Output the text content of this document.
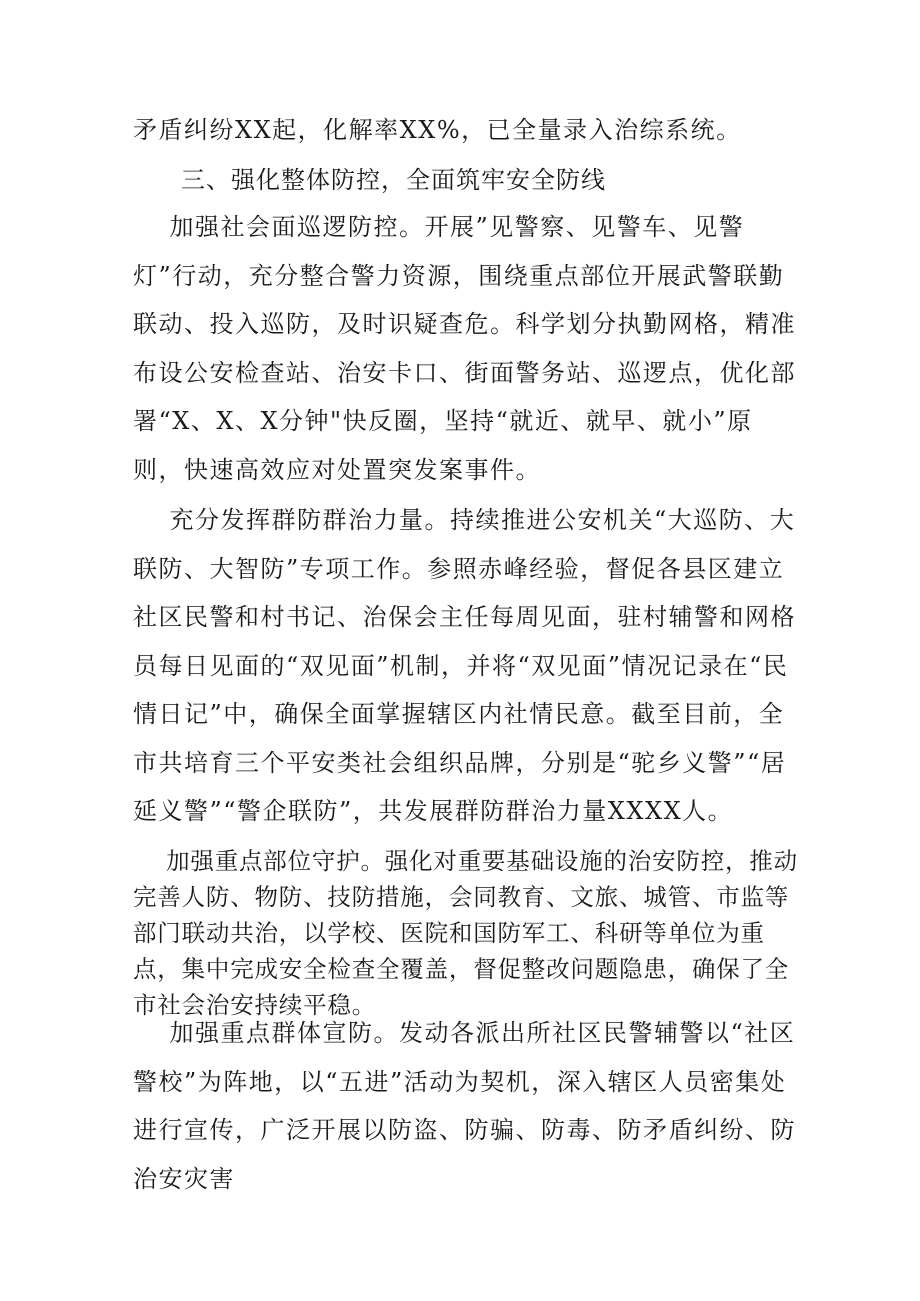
矛盾纠纷XX起，化解率XX%，已全量录入治综系统。

三、强化整体防控，全面筑牢安全防线

加强社会面巡逻防控。开展”见警察、见警车、见警灯”行动，充分整合警力资源，围绕重点部位开展武警联勤联动、投入巡防，及时识疑查危。科学划分执勤网格，精准布设公安检查站、治安卡口、街面警务站、巡逻点，优化部署“X、X、X分钟"快反圈，坚持“就近、就早、就小”原则，快速高效应对处置突发案事件。

充分发挥群防群治力量。持续推进公安机关“大巡防、大联防、大智防”专项工作。参照赤峰经验，督促各县区建立社区民警和村书记、治保会主任每周见面，驻村辅警和网格员每日见面的“双见面”机制，并将“双见面”情况记录在“民情日记”中，确保全面掌握辖区内社情民意。截至目前，全市共培育三个平安类社会组织品牌，分别是“驼乡义警”“居延义警”“警企联防”，共发展群防群治力量XXXX人。

加强重点部位守护。强化对重要基础设施的治安防控，推动完善人防、物防、技防措施，会同教育、文旅、城管、市监等部门联动共治，以学校、医院和国防军工、科研等单位为重点，集中完成安全检查全覆盖，督促整改问题隐患，确保了全市社会治安持续平稳。

加强重点群体宣防。发动各派出所社区民警辅警以“社区警校”为阵地，以“五进”活动为契机，深入辖区人员密集处进行宣传，广泛开展以防盗、防骗、防毒、防矛盾纠纷、防治安灾害
